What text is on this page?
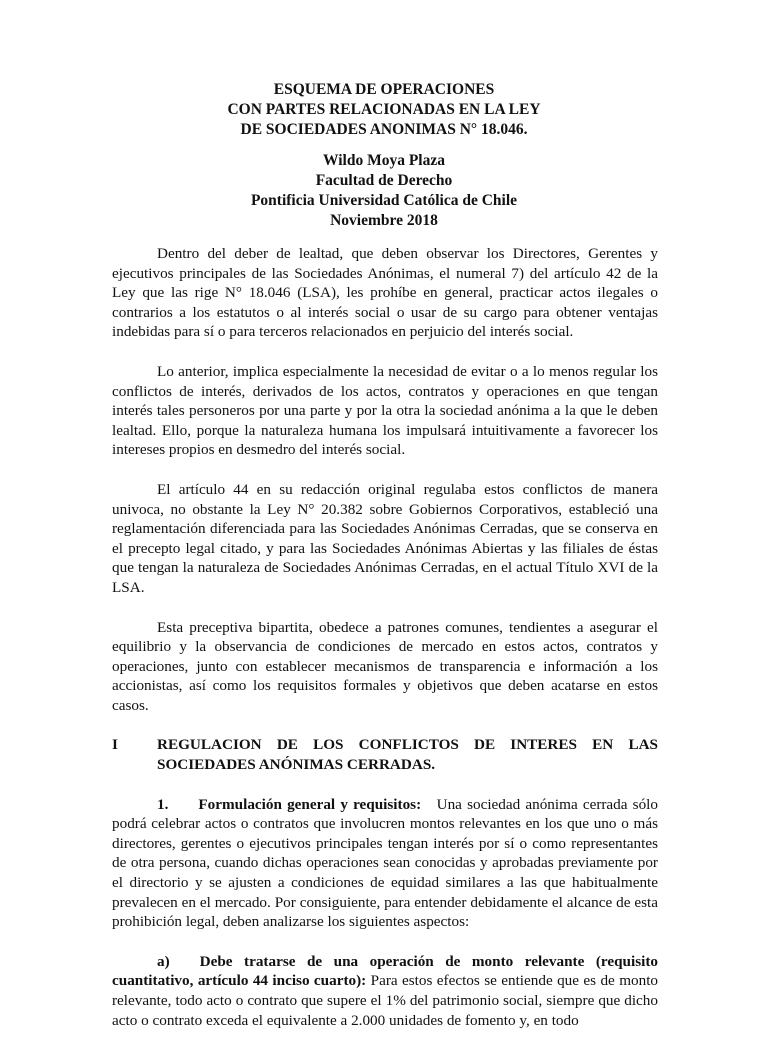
ESQUEMA DE OPERACIONES
CON PARTES RELACIONADAS EN LA LEY
DE SOCIEDADES ANONIMAS N° 18.046.
Wildo Moya Plaza
Facultad de Derecho
Pontificia Universidad Católica de Chile
Noviembre 2018

Dentro del deber de lealtad, que deben observar los Directores, Gerentes y ejecutivos principales de las Sociedades Anónimas, el numeral 7) del artículo 42 de la Ley que las rige N° 18.046 (LSA), les prohíbe en general, practicar actos ilegales o contrarios a los estatutos o al interés social o usar de su cargo para obtener ventajas indebidas para sí o para terceros relacionados en perjuicio del interés social.

Lo anterior, implica especialmente la necesidad de evitar o a lo menos regular los conflictos de interés, derivados de los actos, contratos y operaciones en que tengan interés tales personeros por una parte y por la otra la sociedad anónima a la que le deben lealtad. Ello, porque la naturaleza humana los impulsará intuitivamente a favorecer los intereses propios en desmedro del interés social.

El artículo 44 en su redacción original regulaba estos conflictos de manera univoca, no obstante la Ley N° 20.382 sobre Gobiernos Corporativos, estableció una reglamentación diferenciada para las Sociedades Anónimas Cerradas, que se conserva en el precepto legal citado, y para las Sociedades Anónimas Abiertas y las filiales de éstas que tengan la naturaleza de Sociedades Anónimas Cerradas, en el actual Título XVI de la LSA.

Esta preceptiva bipartita, obedece a patrones comunes, tendientes a asegurar el equilibrio y la observancia de condiciones de mercado en estos actos, contratos y operaciones, junto con establecer mecanismos de transparencia e información a los accionistas, así como los requisitos formales y objetivos que deben acatarse en estos casos.

I	REGULACION DE LOS CONFLICTOS DE INTERES EN LAS SOCIEDADES ANÓNIMAS CERRADAS.

1. Formulación general y requisitos: Una sociedad anónima cerrada sólo podrá celebrar actos o contratos que involucren montos relevantes en los que uno o más directores, gerentes o ejecutivos principales tengan interés por sí o como representantes de otra persona, cuando dichas operaciones sean conocidas y aprobadas previamente por el directorio y se ajusten a condiciones de equidad similares a las que habitualmente prevalecen en el mercado. Por consiguiente, para entender debidamente el alcance de esta prohibición legal, deben analizarse los siguientes aspectos:

a) Debe tratarse de una operación de monto relevante (requisito cuantitativo, artículo 44 inciso cuarto): Para estos efectos se entiende que es de monto relevante, todo acto o contrato que supere el 1% del patrimonio social, siempre que dicho acto o contrato exceda el equivalente a 2.000 unidades de fomento y, en todo
